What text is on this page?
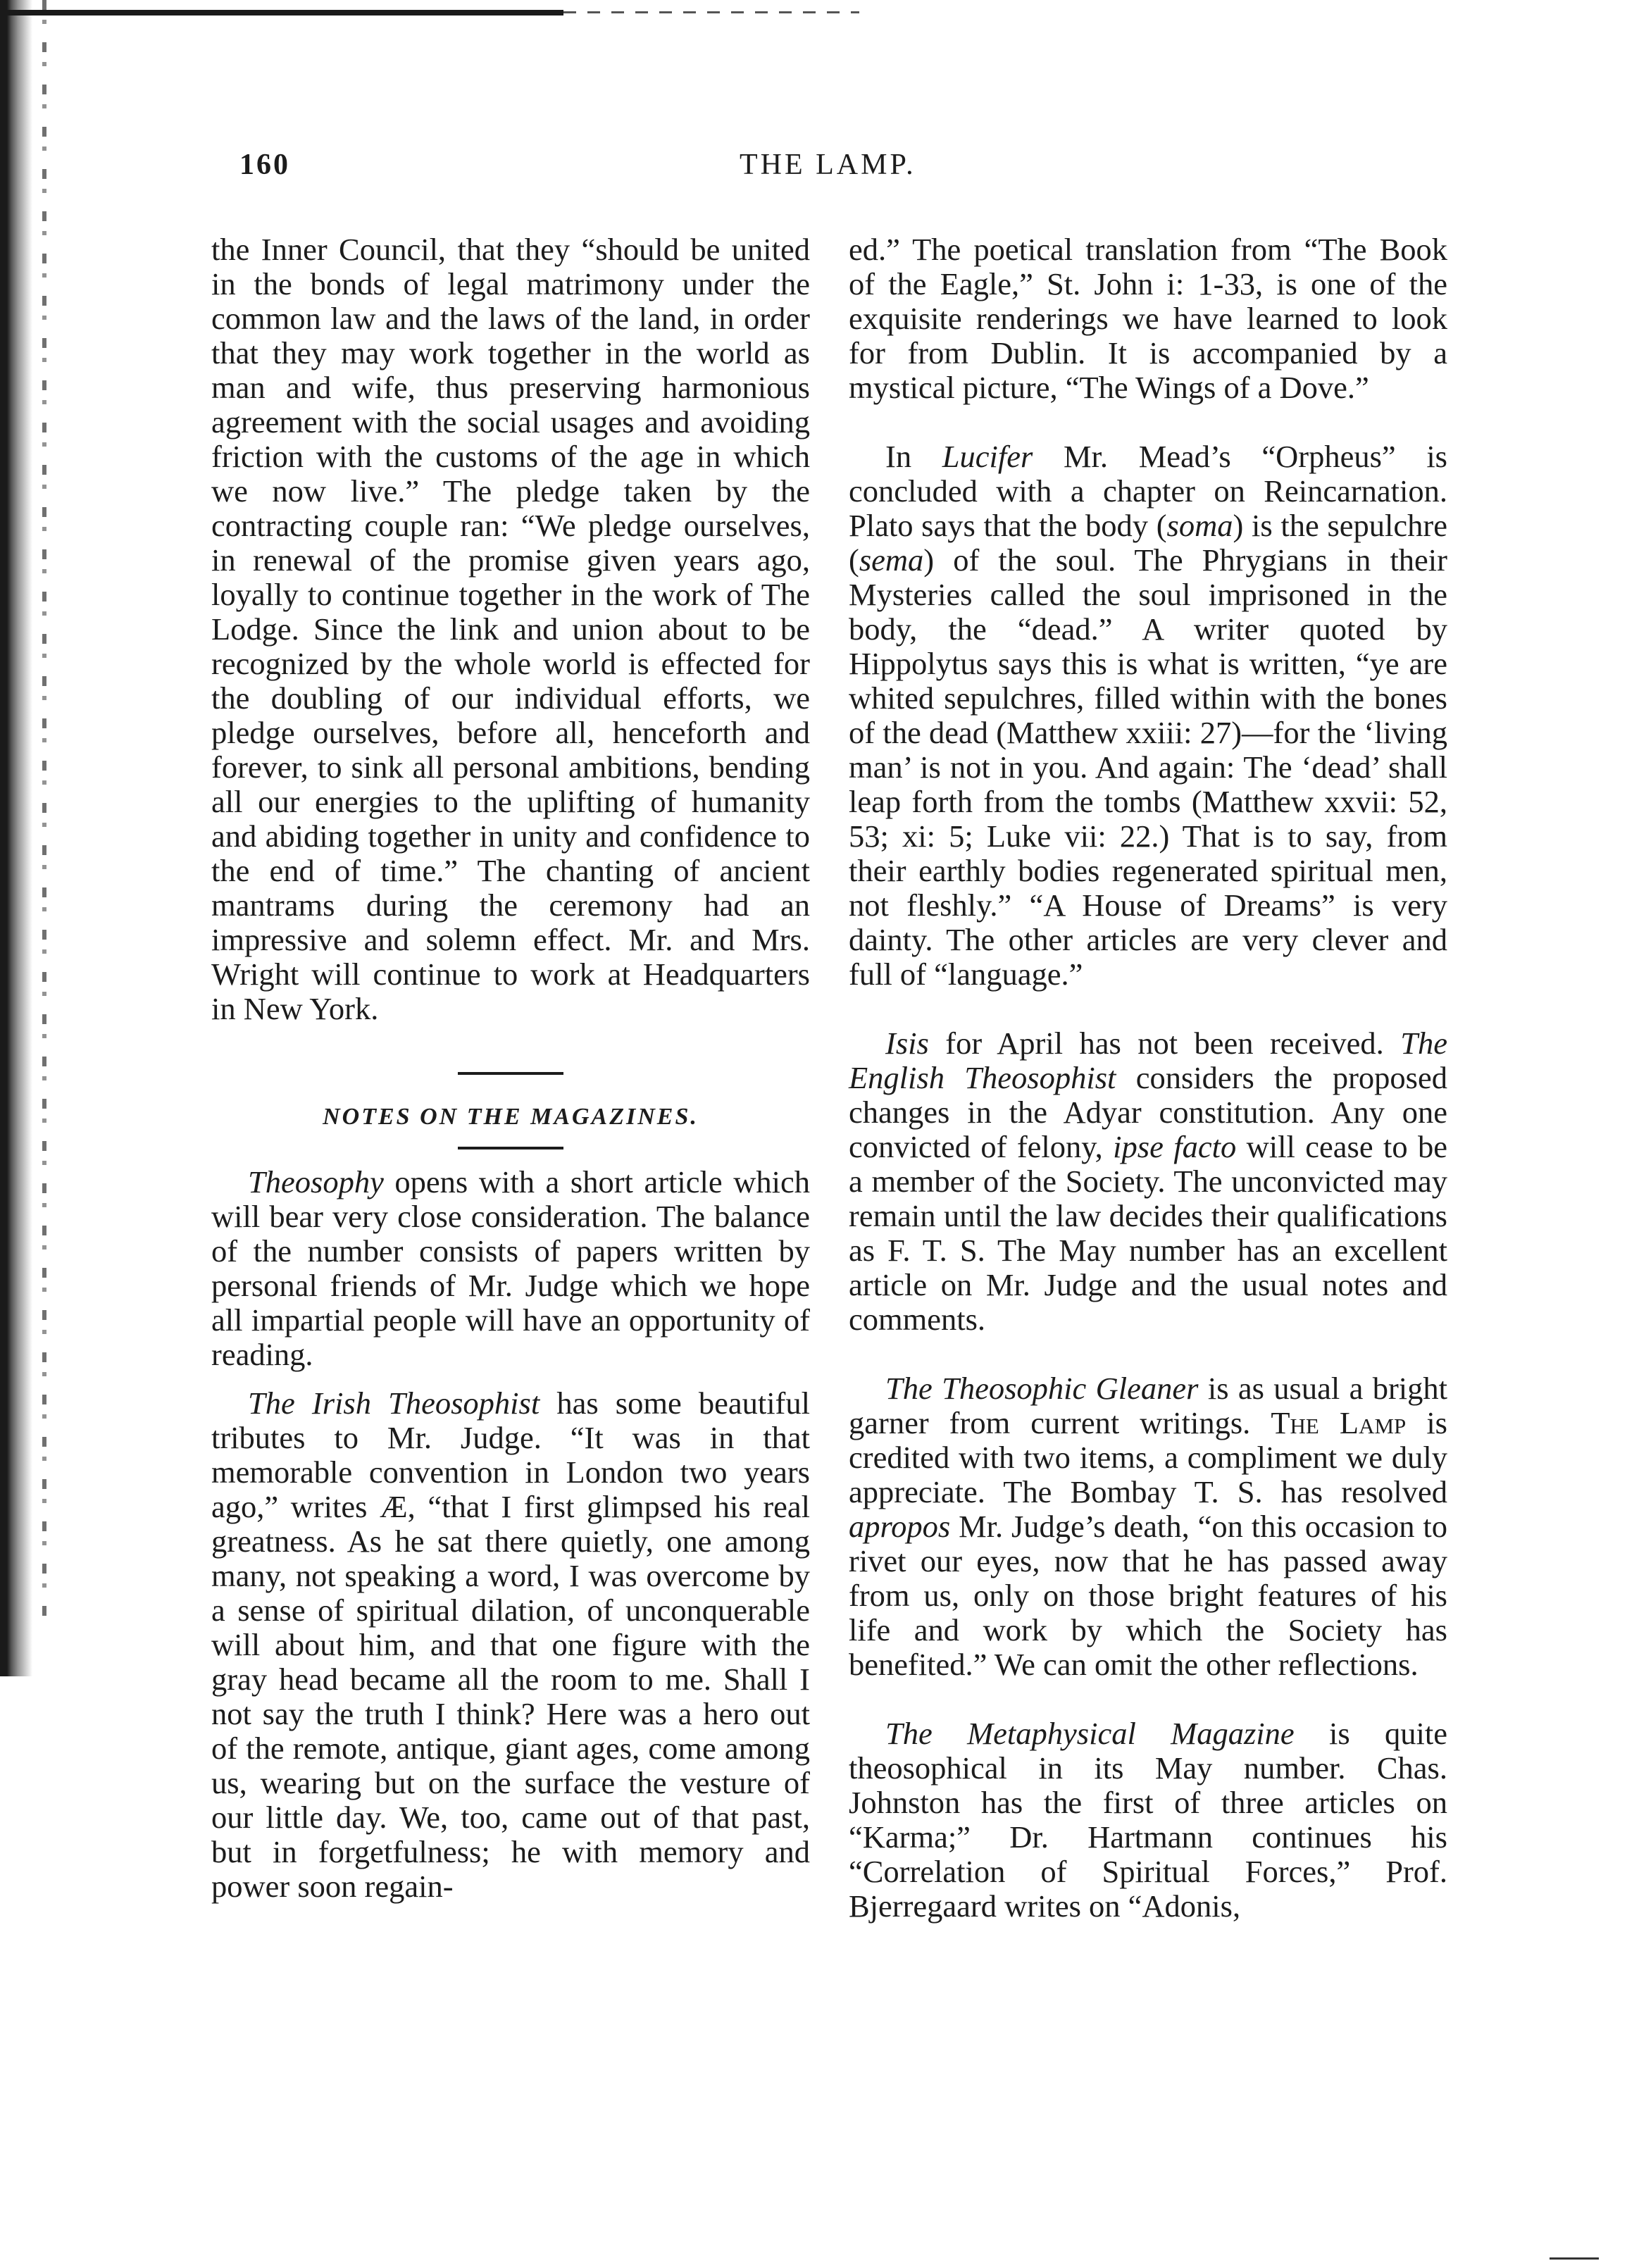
160	THE LAMP.

the Inner Council, that they “should be united in the bonds of legal matrimony under the common law and the laws of the land, in order that they may work together in the world as man and wife, thus preserving harmonious agreement with the social usages and avoiding friction with the customs of the age in which we now live.” The pledge taken by the contracting couple ran: “We pledge ourselves, in renewal of the promise given years ago, loyally to continue together in the work of The Lodge. Since the link and union about to be recognized by the whole world is effected for the doubling of our individual efforts, we pledge ourselves, before all, henceforth and forever, to sink all personal ambitions, bending all our energies to the uplifting of humanity and abiding together in unity and confidence to the end of time.” The chanting of ancient mantrams during the ceremony had an impressive and solemn effect. Mr. and Mrs. Wright will continue to work at Headquarters in New York.

NOTES ON THE MAGAZINES.

Theosophy opens with a short article which will bear very close consideration. The balance of the number consists of papers written by personal friends of Mr. Judge which we hope all impartial people will have an opportunity of reading.

The Irish Theosophist has some beautiful tributes to Mr. Judge. “It was in that memorable convention in London two years ago,” writes Æ, “that I first glimpsed his real greatness. As he sat there quietly, one among many, not speaking a word, I was overcome by a sense of spiritual dilation, of unconquerable will about him, and that one figure with the gray head became all the room to me. Shall I not say the truth I think? Here was a hero out of the remote, antique, giant ages, come among us, wearing but on the surface the vesture of our little day. We, too, came out of that past, but in forgetfulness; he with memory and power soon regain-

ed.” The poetical translation from “The Book of the Eagle,” St. John i: 1-33, is one of the exquisite renderings we have learned to look for from Dublin. It is accompanied by a mystical picture, “The Wings of a Dove.”

In Lucifer Mr. Mead’s “Orpheus” is concluded with a chapter on Reincarnation. Plato says that the body (soma) is the sepulchre (sema) of the soul. The Phrygians in their Mysteries called the soul imprisoned in the body, the “dead.” A writer quoted by Hippolytus says this is what is written, “ye are whited sepulchres, filled within with the bones of the dead (Matthew xxiii: 27)—for the ‘living man’ is not in you. And again: The ‘dead’ shall leap forth from the tombs (Matthew xxvii: 52, 53; xi: 5; Luke vii: 22.) That is to say, from their earthly bodies regenerated spiritual men, not fleshly.” “A House of Dreams” is very dainty. The other articles are very clever and full of “language.”

Isis for April has not been received. The English Theosophist considers the proposed changes in the Adyar constitution. Any one convicted of felony, ipse facto will cease to be a member of the Society. The unconvicted may remain until the law decides their qualifications as F. T. S. The May number has an excellent article on Mr. Judge and the usual notes and comments.

The Theosophic Gleaner is as usual a bright garner from current writings. The Lamp is credited with two items, a compliment we duly appreciate. The Bombay T. S. has resolved apropos Mr. Judge’s death, “on this occasion to rivet our eyes, now that he has passed away from us, only on those bright features of his life and work by which the Society has benefited.” We can omit the other reflections.

The Metaphysical Magazine is quite theosophical in its May number. Chas. Johnston has the first of three articles on “Karma;” Dr. Hartmann continues his “Correlation of Spiritual Forces,” Prof. Bjerregaard writes on “Adonis,
